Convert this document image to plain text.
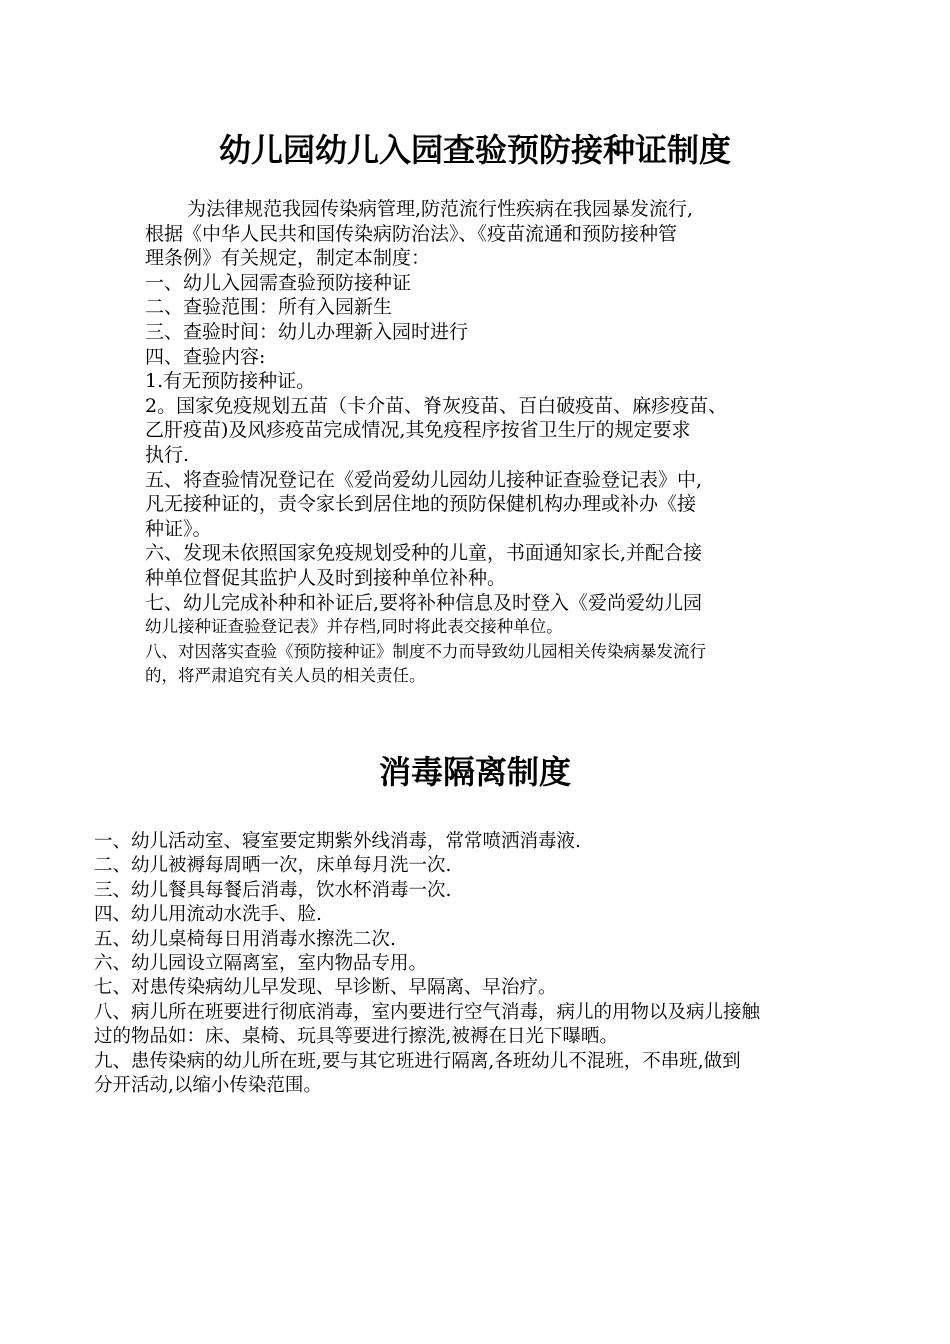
幼儿园幼儿入园查验预防接种证制度
为法律规范我园传染病管理,防范流行性疾病在我园暴发流行,
根据《中华人民共和国传染病防治法》、《疫苗流通和预防接种管
理条例》有关规定，制定本制度：
一、幼儿入园需查验预防接种证
二、查验范围：所有入园新生
三、查验时间：幼儿办理新入园时进行
四、查验内容:
1.有无预防接种证。
2。国家免疫规划五苗（卡介苗、脊灰疫苗、百白破疫苗、麻疹疫苗、
乙肝疫苗)及风疹疫苗完成情况,其免疫程序按省卫生厅的规定要求
执行.
五、将查验情况登记在《爱尚爱幼儿园幼儿接种证查验登记表》中,
凡无接种证的，责令家长到居住地的预防保健机构办理或补办《接
种证》。
六、发现未依照国家免疫规划受种的儿童，书面通知家长,并配合接
种单位督促其监护人及时到接种单位补种。
七、幼儿完成补种和补证后,要将补种信息及时登入《爱尚爱幼儿园
幼儿接种证查验登记表》并存档,同时将此表交接种单位。
八、对因落实查验《预防接种证》制度不力而导致幼儿园相关传染病暴发流行
的，将严肃追究有关人员的相关责任。
消毒隔离制度
一、幼儿活动室、寝室要定期紫外线消毒，常常喷洒消毒液.
二、幼儿被褥每周晒一次，床单每月洗一次.
三、幼儿餐具每餐后消毒，饮水杯消毒一次.
四、幼儿用流动水洗手、脸.
五、幼儿桌椅每日用消毒水擦洗二次.
六、幼儿园设立隔离室，室内物品专用。
七、对患传染病幼儿早发现、早诊断、早隔离、早治疗。
八、病儿所在班要进行彻底消毒，室内要进行空气消毒，病儿的用物以及病儿接触
过的物品如：床、桌椅、玩具等要进行擦洗,被褥在日光下曝晒。
九、患传染病的幼儿所在班,要与其它班进行隔离,各班幼儿不混班，不串班,做到
分开活动,以缩小传染范围。
